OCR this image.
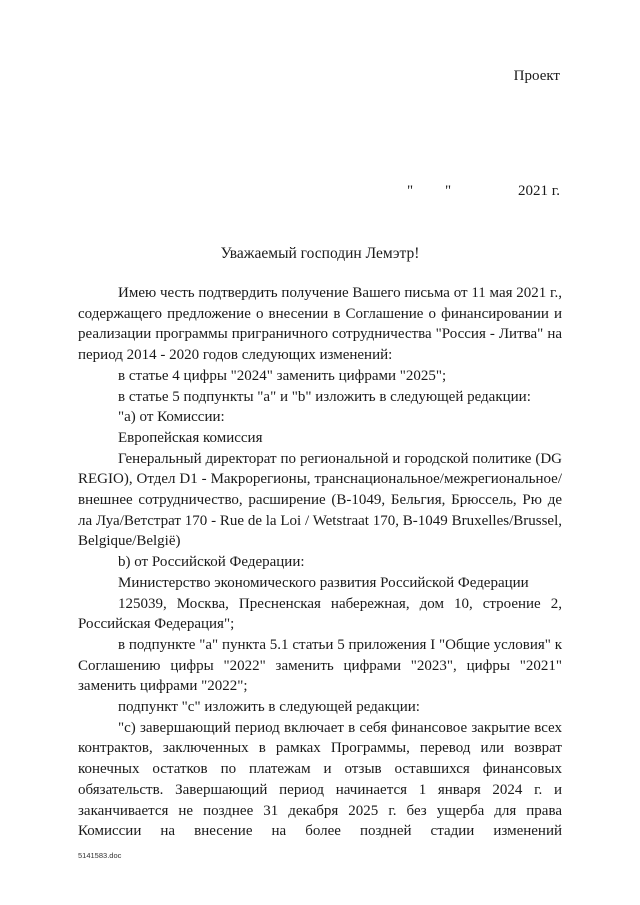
Проект
" "	2021 г.
Уважаемый господин Лемэтр!

Имею честь подтвердить получение Вашего письма от 11 мая 2021 г., содержащего предложение о внесении в Соглашение о финансировании и реализации программы приграничного сотрудничества "Россия - Литва" на период 2014 - 2020 годов следующих изменений:

в статье 4 цифры "2024" заменить цифрами "2025";

в статье 5 подпункты "а" и "b" изложить в следующей редакции:

"а) от Комиссии:

Европейская комиссия

Генеральный директорат по региональной и городской политике (DG REGIO), Отдел D1 - Макрорегионы, транснациональное/межрегиональное/ внешнее сотрудничество, расширение (B-1049, Бельгия, Брюссель, Рю де ла Луа/Ветстрат 170 - Rue de la Loi / Wetstraat 170, B-1049 Bruxelles/Brussel, Belgique/België)

b) от Российской Федерации:

Министерство экономического развития Российской Федерации

125039, Москва, Пресненская набережная, дом 10, строение 2, Российская Федерация";

в подпункте "а" пункта 5.1 статьи 5 приложения I "Общие условия" к Соглашению цифры "2022" заменить цифрами "2023", цифры "2021" заменить цифрами "2022";

подпункт "с" изложить в следующей редакции:

"с) завершающий период включает в себя финансовое закрытие всех контрактов, заключенных в рамках Программы, перевод или возврат конечных остатков по платежам и отзыв оставшихся финансовых обязательств. Завершающий период начинается 1 января 2024 г. и заканчивается не позднее 31 декабря 2025 г. без ущерба для права Комиссии на внесение на более поздней стадии изменений

5141583.doc
